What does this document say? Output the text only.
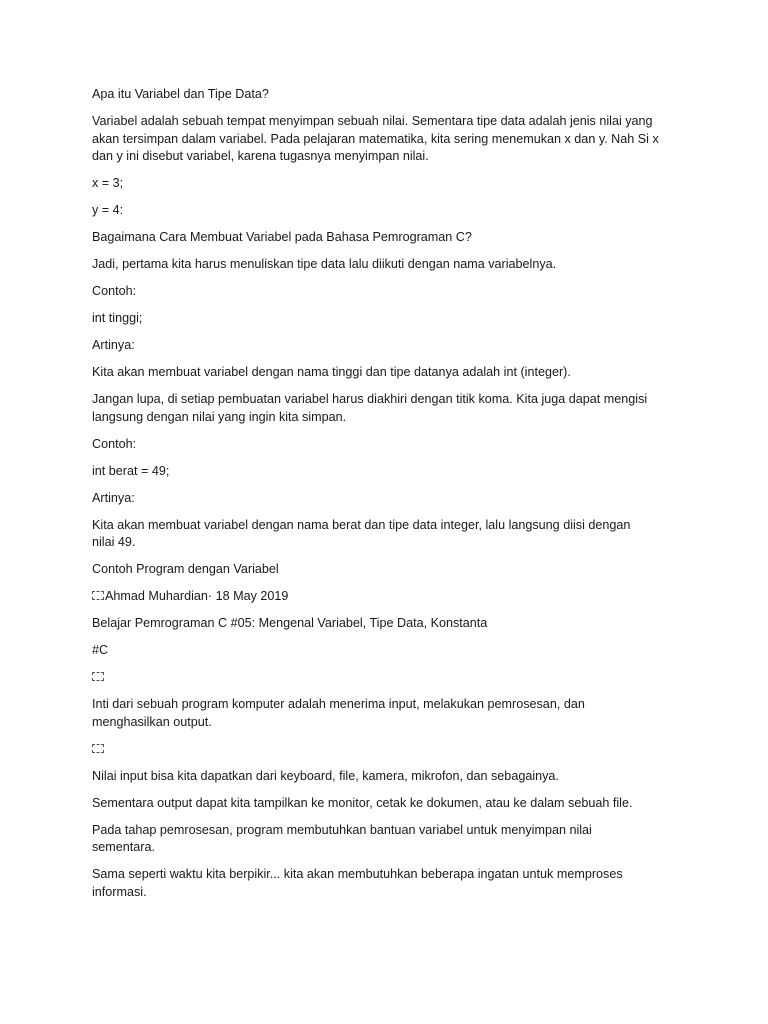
Apa itu Variabel dan Tipe Data?
Variabel adalah sebuah tempat menyimpan sebuah nilai. Sementara tipe data adalah jenis nilai yang
akan tersimpan dalam variabel. Pada pelajaran matematika, kita sering menemukan x dan y. Nah Si x
dan y ini disebut variabel, karena tugasnya menyimpan nilai.
x = 3;
y = 4:
Bagaimana Cara Membuat Variabel pada Bahasa Pemrograman C?
Jadi, pertama kita harus menuliskan tipe data lalu diikuti dengan nama variabelnya.
Contoh:
int tinggi;
Artinya:
Kita akan membuat variabel dengan nama tinggi dan tipe datanya adalah int (integer).
Jangan lupa, di setiap pembuatan variabel harus diakhiri dengan titik koma. Kita juga dapat mengisi
langsung dengan nilai yang ingin kita simpan.
Contoh:
int berat = 49;
Artinya:
Kita akan membuat variabel dengan nama berat dan tipe data integer, lalu langsung diisi dengan
nilai 49.
Contoh Program dengan Variabel
Ahmad Muhardian· 18 May 2019
Belajar Pemrograman C #05: Mengenal Variabel, Tipe Data, Konstanta
#C
Inti dari sebuah program komputer adalah menerima input, melakukan pemrosesan, dan
menghasilkan output.
Nilai input bisa kita dapatkan dari keyboard, file, kamera, mikrofon, dan sebagainya.
Sementara output dapat kita tampilkan ke monitor, cetak ke dokumen, atau ke dalam sebuah file.
Pada tahap pemrosesan, program membutuhkan bantuan variabel untuk menyimpan nilai
sementara.
Sama seperti waktu kita berpikir... kita akan membutuhkan beberapa ingatan untuk memproses
informasi.
